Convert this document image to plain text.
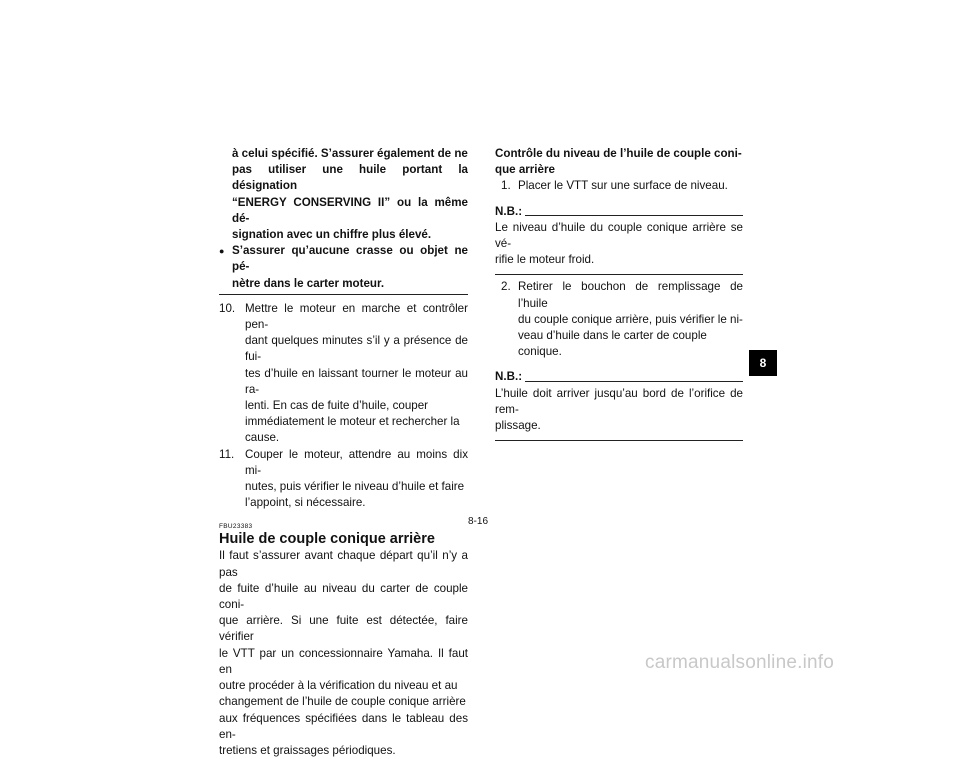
à celui spécifié. S’assurer également de ne
pas utiliser une huile portant la désignation
“ENERGY CONSERVING II” ou la même dé-
signation avec un chiffre plus élevé.
● S’assurer qu’aucune crasse ou objet ne pé-
nètre dans le carter moteur.
10. Mettre le moteur en marche et contrôler pen-
dant quelques minutes s’il y a présence de fui-
tes d’huile en laissant tourner le moteur au ra-
lenti. En cas de fuite d’huile, couper
immédiatement le moteur et rechercher la
cause.
11. Couper le moteur, attendre au moins dix mi-
nutes, puis vérifier le niveau d’huile et faire
l’appoint, si nécessaire.
FBU23383
Huile de couple conique arrière
Il faut s’assurer avant chaque départ qu’il n’y a pas
de fuite d’huile au niveau du carter de couple coni-
que arrière. Si une fuite est détectée, faire vérifier
le VTT par un concessionnaire Yamaha. Il faut en
outre procéder à la vérification du niveau et au
changement de l’huile de couple conique arrière
aux fréquences spécifiées dans le tableau des en-
tretiens et graissages périodiques.
Contrôle du niveau de l’huile de couple coni-
que arrière
1. Placer le VTT sur une surface de niveau.
N.B.:
Le niveau d’huile du couple conique arrière se vé-
rifie le moteur froid.
2. Retirer le bouchon de remplissage de l’huile
du couple conique arrière, puis vérifier le ni-
veau d’huile dans le carter de couple conique.
N.B.:
L’huile doit arriver jusqu’au bord de l’orifice de rem-
plissage.
8-16
8
carmanualsonline.info
